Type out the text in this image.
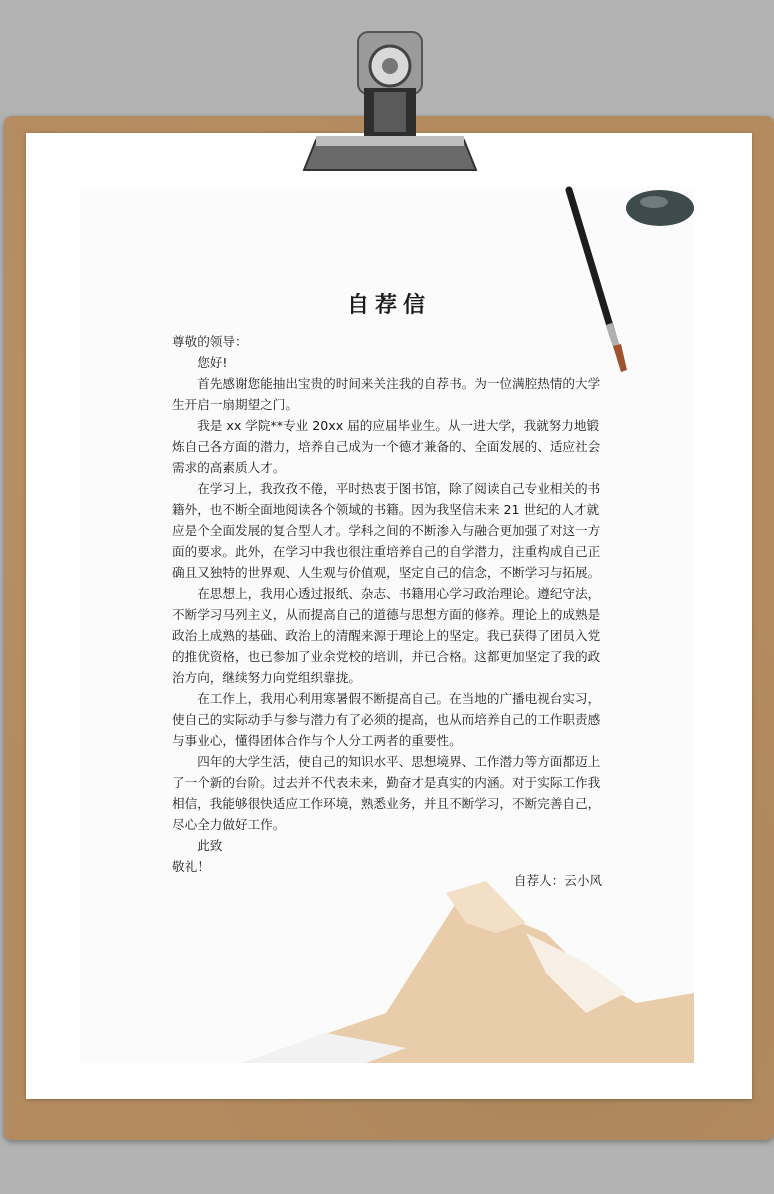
自荐信

尊敬的领导：

您好!

首先感谢您能抽出宝贵的时间来关注我的自荐书。为一位满腔热情的大学生开启一扇期望之门。

我是 xx 学院**专业 20xx 届的应届毕业生。从一进大学，我就努力地锻炼自己各方面的潜力，培养自己成为一个德才兼备的、全面发展的、适应社会需求的高素质人才。

在学习上，我孜孜不倦，平时热衷于图书馆，除了阅读自己专业相关的书籍外，也不断全面地阅读各个领域的书籍。因为我坚信未来 21 世纪的人才就应是个全面发展的复合型人才。学科之间的不断渗入与融合更加强了对这一方面的要求。此外，在学习中我也很注重培养自己的自学潜力，注重构成自己正确且又独特的世界观、人生观与价值观，坚定自己的信念，不断学习与拓展。

在思想上，我用心透过报纸、杂志、书籍用心学习政治理论。遵纪守法，不断学习马列主义，从而提高自己的道德与思想方面的修养。理论上的成熟是政治上成熟的基础、政治上的清醒来源于理论上的坚定。我已获得了团员入党的推优资格，也已参加了业余党校的培训，并已合格。这都更加坚定了我的政治方向，继续努力向党组织靠拢。

在工作上，我用心利用寒暑假不断提高自己。在当地的广播电视台实习，使自己的实际动手与参与潜力有了必须的提高，也从而培养自己的工作职责感与事业心，懂得团体合作与个人分工两者的重要性。

四年的大学生活，使自己的知识水平、思想境界、工作潜力等方面都迈上了一个新的台阶。过去并不代表未来，勤奋才是真实的内涵。对于实际工作我相信，我能够很快适应工作环境，熟悉业务，并且不断学习，不断完善自己，尽心全力做好工作。

此致

敬礼！

自荐人：云小风
